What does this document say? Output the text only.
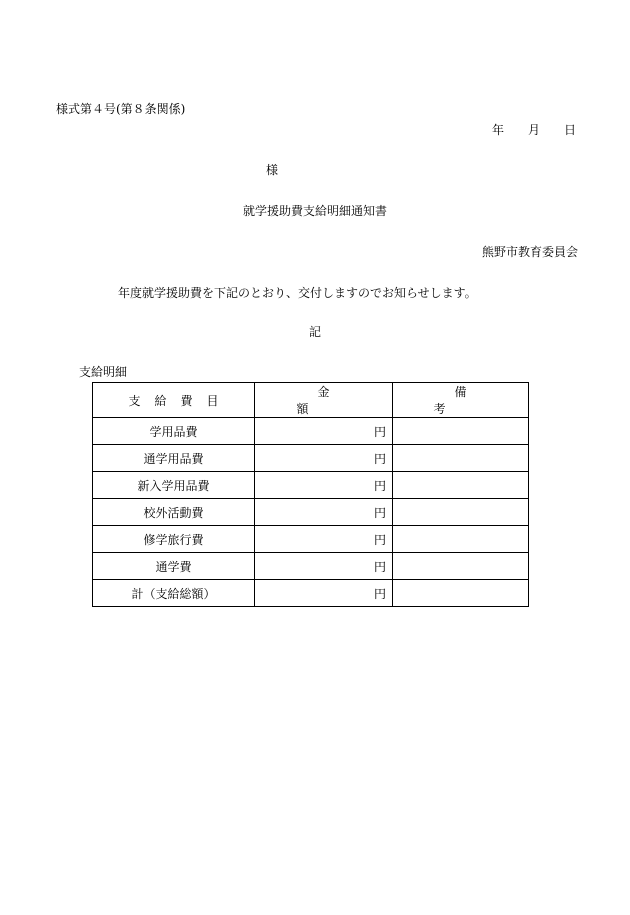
様式第４号(第８条関係)
年 月 日
様
就学援助費支給明細通知書
熊野市教育委員会
年度就学援助費を下記のとおり、交付しますのでお知らせします。
記
支給明細
支給費目	金額	備考
学用品費	円	
通学用品費	円	
新入学用品費	円	
校外活動費	円	
修学旅行費	円	
通学費	円	
計（支給総額）	円	
